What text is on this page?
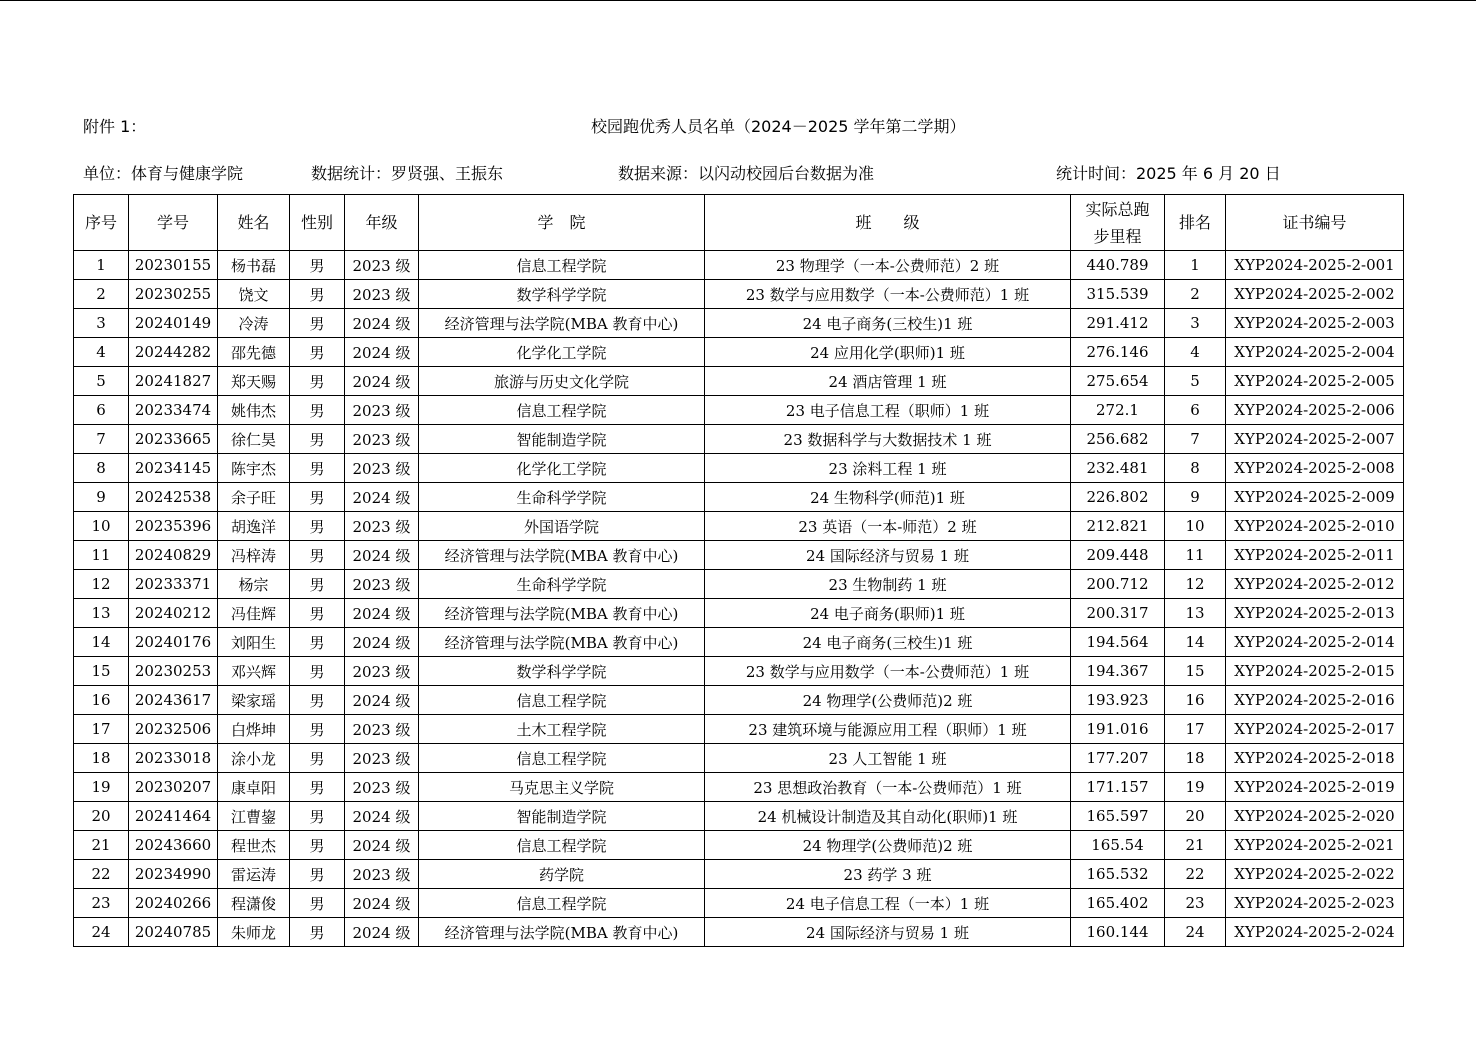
附件 1：	校园跑优秀人员名单（2024－2025 学年第二学期）
单位：体育与健康学院	数据统计：罗贤强、王振东	数据来源：以闪动校园后台数据为准	统计时间：2025 年 6 月 20 日
序号	学号	姓名	性别	年级	学　院	班　　级	实际总跑
步里程	排名	证书编号
1	20230155	杨书磊	男	2023 级	信息工程学院	23 物理学（一本-公费师范）2 班	440.789	1	XYP2024-2025-2-001
2	20230255	饶文	男	2023 级	数学科学学院	23 数学与应用数学（一本-公费师范）1 班	315.539	2	XYP2024-2025-2-002
3	20240149	冷涛	男	2024 级	经济管理与法学院(MBA 教育中心)	24 电子商务(三校生)1 班	291.412	3	XYP2024-2025-2-003
4	20244282	邵先德	男	2024 级	化学化工学院	24 应用化学(职师)1 班	276.146	4	XYP2024-2025-2-004
5	20241827	郑天赐	男	2024 级	旅游与历史文化学院	24 酒店管理 1 班	275.654	5	XYP2024-2025-2-005
6	20233474	姚伟杰	男	2023 级	信息工程学院	23 电子信息工程（职师）1 班	272.1	6	XYP2024-2025-2-006
7	20233665	徐仁昊	男	2023 级	智能制造学院	23 数据科学与大数据技术 1 班	256.682	7	XYP2024-2025-2-007
8	20234145	陈宇杰	男	2023 级	化学化工学院	23 涂料工程 1 班	232.481	8	XYP2024-2025-2-008
9	20242538	余子旺	男	2024 级	生命科学学院	24 生物科学(师范)1 班	226.802	9	XYP2024-2025-2-009
10	20235396	胡逸洋	男	2023 级	外国语学院	23 英语（一本-师范）2 班	212.821	10	XYP2024-2025-2-010
11	20240829	冯梓涛	男	2024 级	经济管理与法学院(MBA 教育中心)	24 国际经济与贸易 1 班	209.448	11	XYP2024-2025-2-011
12	20233371	杨宗	男	2023 级	生命科学学院	23 生物制药 1 班	200.712	12	XYP2024-2025-2-012
13	20240212	冯佳辉	男	2024 级	经济管理与法学院(MBA 教育中心)	24 电子商务(职师)1 班	200.317	13	XYP2024-2025-2-013
14	20240176	刘阳生	男	2024 级	经济管理与法学院(MBA 教育中心)	24 电子商务(三校生)1 班	194.564	14	XYP2024-2025-2-014
15	20230253	邓兴辉	男	2023 级	数学科学学院	23 数学与应用数学（一本-公费师范）1 班	194.367	15	XYP2024-2025-2-015
16	20243617	梁家瑶	男	2024 级	信息工程学院	24 物理学(公费师范)2 班	193.923	16	XYP2024-2025-2-016
17	20232506	白烨坤	男	2023 级	土木工程学院	23 建筑环境与能源应用工程（职师）1 班	191.016	17	XYP2024-2025-2-017
18	20233018	涂小龙	男	2023 级	信息工程学院	23 人工智能 1 班	177.207	18	XYP2024-2025-2-018
19	20230207	康卓阳	男	2023 级	马克思主义学院	23 思想政治教育（一本-公费师范）1 班	171.157	19	XYP2024-2025-2-019
20	20241464	江曹鋆	男	2024 级	智能制造学院	24 机械设计制造及其自动化(职师)1 班	165.597	20	XYP2024-2025-2-020
21	20243660	程世杰	男	2024 级	信息工程学院	24 物理学(公费师范)2 班	165.54	21	XYP2024-2025-2-021
22	20234990	雷运涛	男	2023 级	药学院	23 药学 3 班	165.532	22	XYP2024-2025-2-022
23	20240266	程潇俊	男	2024 级	信息工程学院	24 电子信息工程（一本）1 班	165.402	23	XYP2024-2025-2-023
24	20240785	朱师龙	男	2024 级	经济管理与法学院(MBA 教育中心)	24 国际经济与贸易 1 班	160.144	24	XYP2024-2025-2-024
